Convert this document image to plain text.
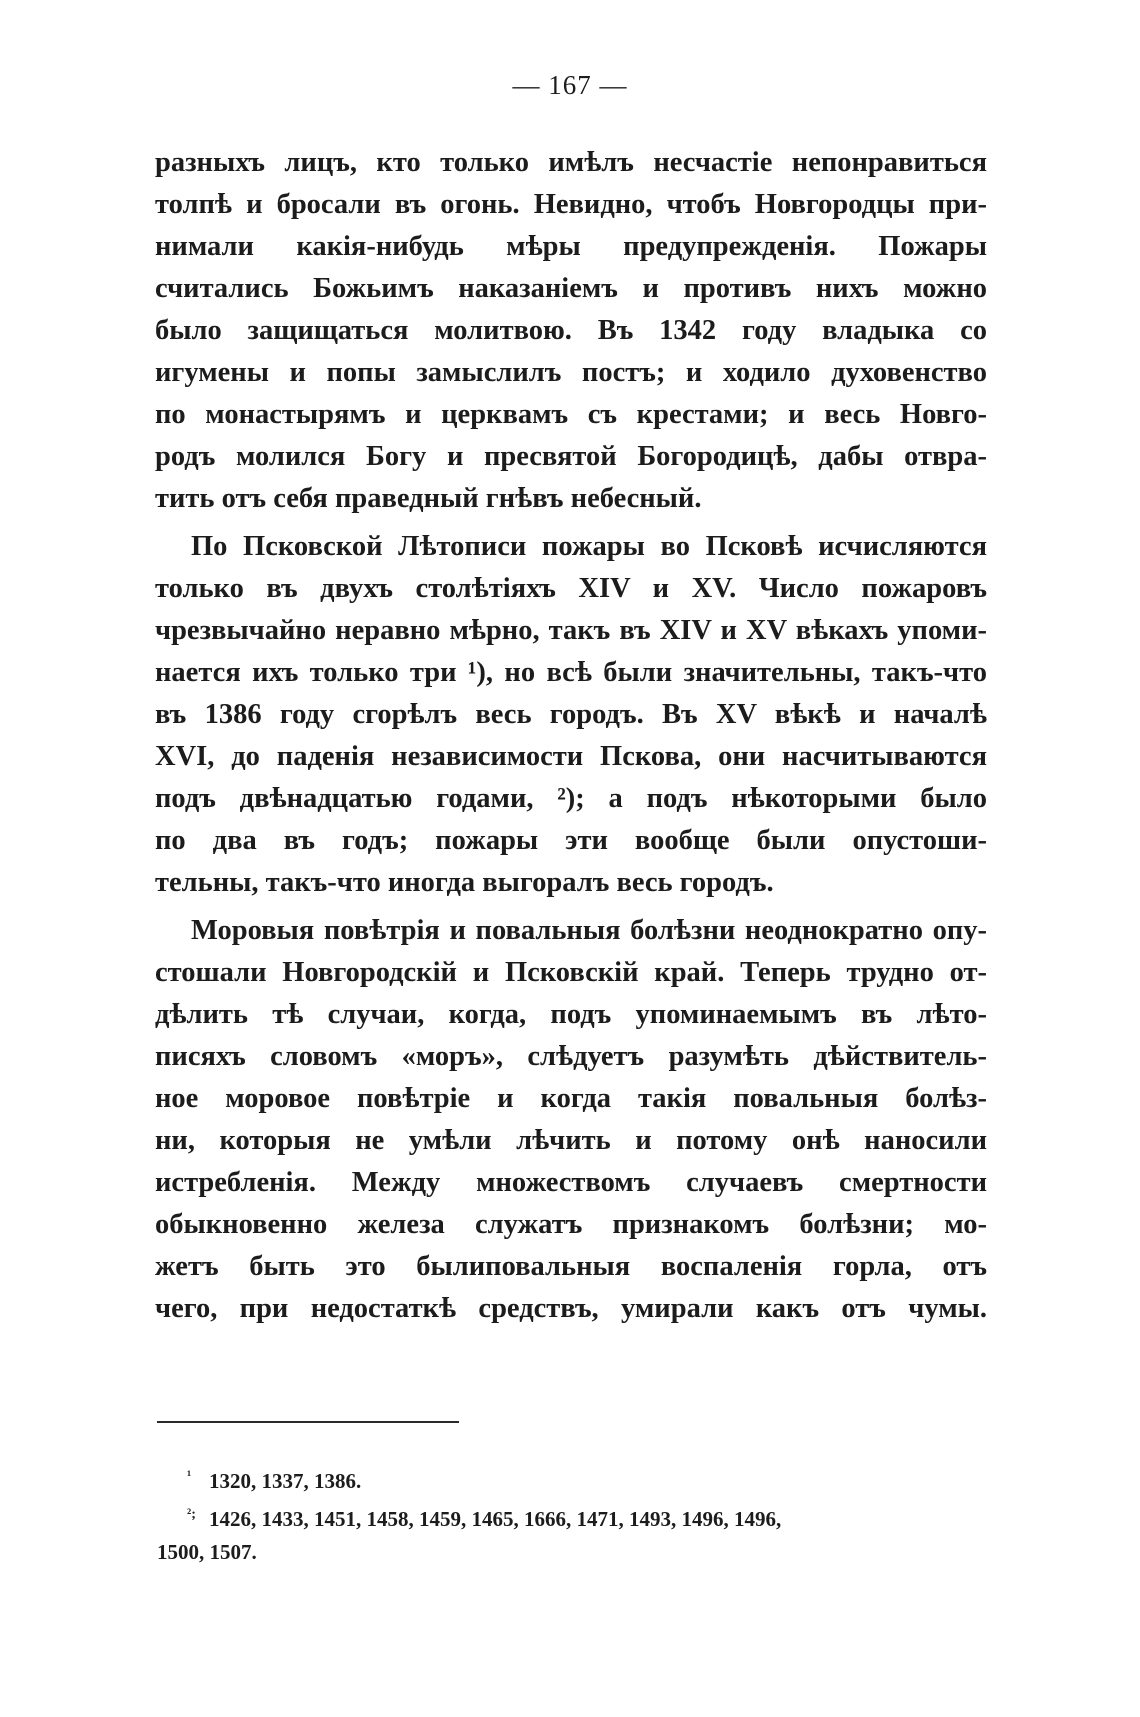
— 167 —

разныхъ лицъ, кто только имѣлъ несчастіе непонравиться
толпѣ и бросали въ огонь. Невидно, чтобъ Новгородцы при-
нимали какія-нибудь мѣры предупрежденія. Пожары
считались Божьимъ наказаніемъ и противъ нихъ можно
было защищаться молитвою. Въ 1342 году владыка со
игумены и попы замыслилъ постъ; и ходило духовенство
по монастырямъ и церквамъ съ крестами; и весь Новго-
родъ молился Богу и пресвятой Богородицѣ, дабы отвра-
тить отъ себя праведный гнѣвъ небесный.

По Псковской Лѣтописи пожары во Псковѣ исчисляются
только въ двухъ столѣтіяхъ XIV и XV. Число пожаровъ
чрезвычайно неравно мѣрно, такъ въ XIV и XV вѣкахъ упоми-
нается ихъ только три ¹), но всѣ были значительны, такъ-что
въ 1386 году сгорѣлъ весь городъ. Въ XV вѣкѣ и началѣ
XVI, до паденія независимости Пскова, они насчитываются
подъ двѣнадцатью годами, ²); а подъ нѣкоторыми было
по два въ годъ; пожары эти вообще были опустоши-
тельны, такъ-что иногда выгоралъ весь городъ.

Моровыя повѣтрія и повальныя болѣзни неоднократно опу-
стошали Новгородскій и Псковскій край. Теперь трудно от-
дѣлить тѣ случаи, когда, подъ упоминаемымъ въ лѣто-
писяхъ словомъ «моръ», слѣдуетъ разумѣть дѣйствитель-
ное моровое повѣтріе и когда такія повальныя болѣз-
ни, которыя не умѣли лѣчить и потому онѣ наносили
истребленія. Между множествомъ случаевъ смертности
обыкновенно железа служатъ признакомъ болѣзни; мо-
жетъ быть это былиповальныя воспаленія горла, отъ
чего, при недостаткѣ средствъ, умирали какъ отъ чумы.

¹ 1320, 1337, 1386.

²; 1426, 1433, 1451, 1458, 1459, 1465, 1666, 1471, 1493, 1496, 1496,
1500, 1507.
